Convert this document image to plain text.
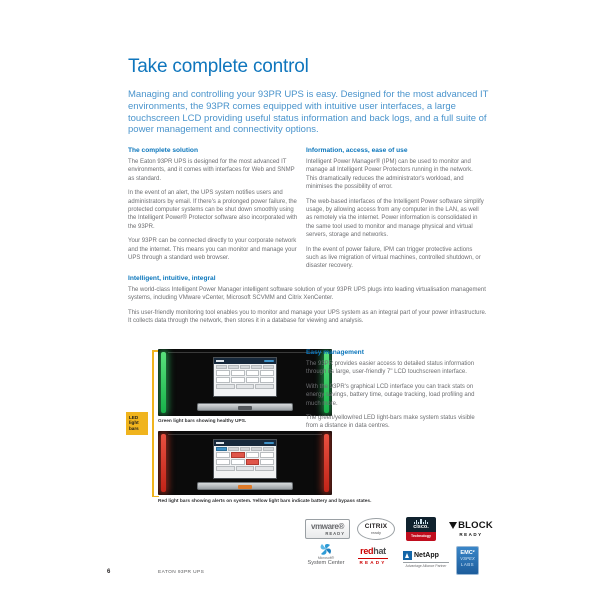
Take complete control

Managing and controlling your 93PR UPS is easy. Designed for the most advanced IT environments, the 93PR comes equipped with intuitive user interfaces, a large touchscreen LCD providing useful status information and back logs, and a full suite of power management and connectivity options.

The complete solution

The Eaton 93PR UPS is designed for the most advanced IT environments, and it comes with interfaces for Web and SNMP as standard.

In the event of an alert, the UPS system notifies users and administrators by email. If there's a prolonged power failure, the protected computer systems can be shut down smoothly using the Intelligent Power® Protector software also incorporated with the 93PR.

Your 93PR can be connected directly to your corporate network and the internet. This means you can monitor and manage your UPS through a standard web browser.

Information, access, ease of use

Intelligent Power Manager® (IPM) can be used to monitor and manage all Intelligent Power Protectors running in the network. This dramatically reduces the administrator's workload, and minimises the possibility of error.

The web-based interfaces of the Intelligent Power software simplify usage, by allowing access from any computer in the LAN, as well as remotely via the internet. Power information is consolidated in the same tool used to monitor and manage physical and virtual servers, storage and networks.

In the event of power failure, IPM can trigger protective actions such as live migration of virtual machines, controlled shutdown, or disaster recovery.

Intelligent, intuitive, integral

The world-class Intelligent Power Manager intelligent software solution of your 93PR UPS plugs into leading virtualisation management systems, including VMware vCenter, Microsoft SCVMM and Citrix XenCenter.

This user-friendly monitoring tool enables you to monitor and manage your UPS system as an integral part of your power infrastructure. It collects data through the network, then stores it in a database for viewing and analysis.

LED light bars
Green light bars showing healthy UPS.
Red light bars showing alerts on system. Yellow light bars indicate battery and bypass states.
Easy management

The 93PR provides easier access to detailed status information through its large, user-friendly 7" LCD touchscreen interface.

With the 93PR's graphical LCD interface you can track stats on energy savings, battery time, outage tracking, load profiling and much more.

The green/yellow/red LED light-bars make system status visible from a distance in data centres.

vmware®
READY
CITRIX
ready
cisco.
Technology
BLOCK
READY
Microsoft®
System Center
redhat
READY
NetApp
Advantage Alliance Partner
EMC²
VSPEX
LABS
6	EATON 93PR UPS
